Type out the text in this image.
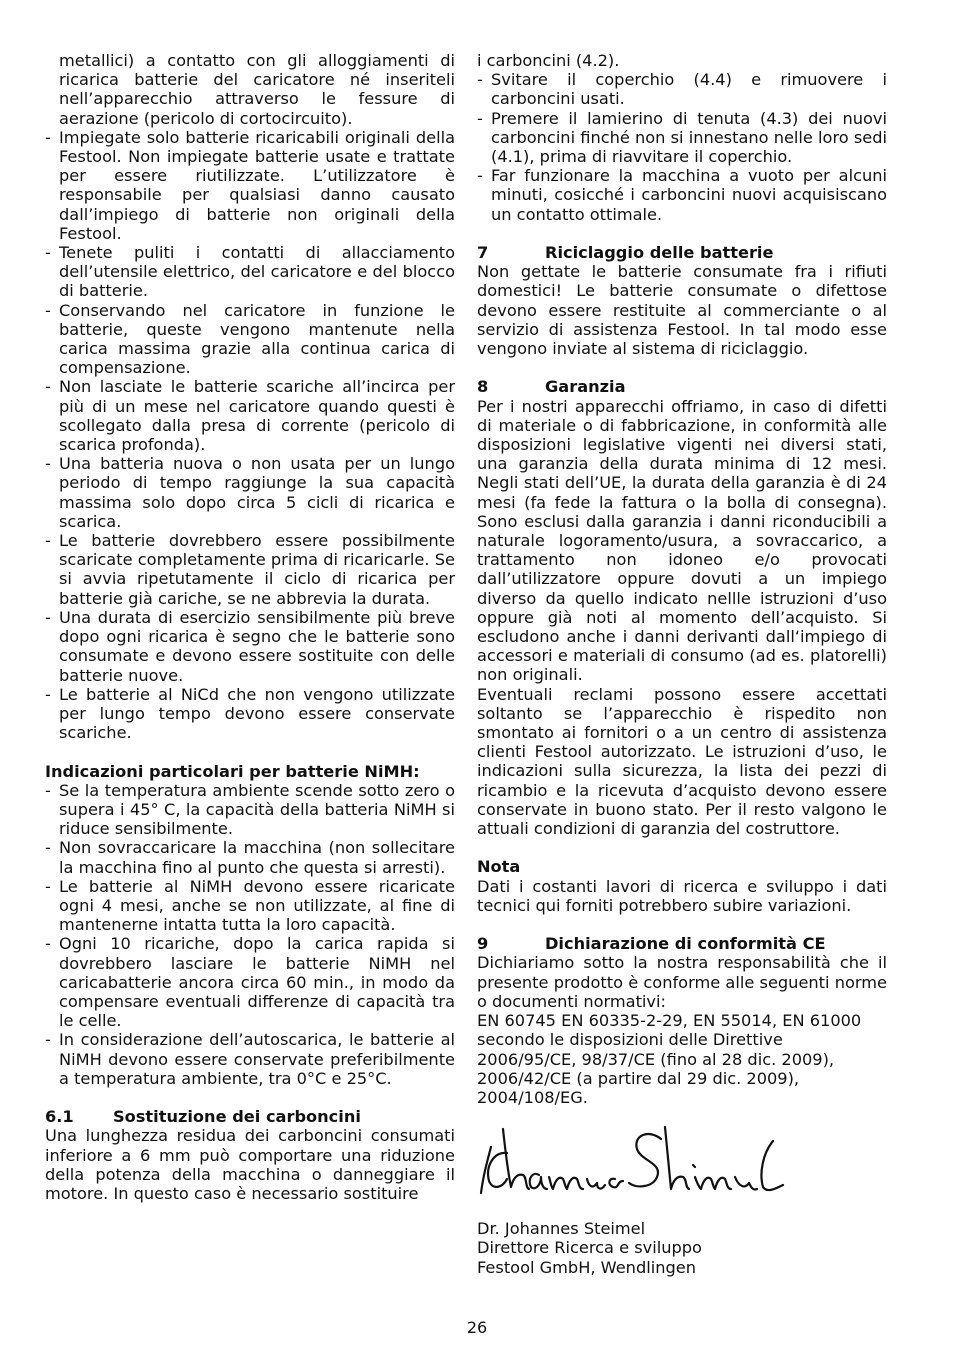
metallici) a contatto con gli alloggiamenti di ricarica batterie del caricatore né inseriteli nell’apparecchio attraverso le fessure di aerazione (pericolo di cortocircuito).
- Impiegate solo batterie ricaricabili originali della Festool. Non impiegate batterie usate e trattate per essere riutilizzate. L’utilizzatore è responsabile per qualsiasi danno causato dall’impiego di batterie non originali della Festool.
- Tenete puliti i contatti di allacciamento dell’utensile elettrico, del caricatore e del blocco di batterie.
- Conservando nel caricatore in funzione le batterie, queste vengono mantenute nella carica massima grazie alla continua carica di compensazione.
- Non lasciate le batterie scariche all’incirca per più di un mese nel caricatore quando questi è scollegato dalla presa di corrente (pericolo di scarica profonda).
- Una batteria nuova o non usata per un lungo periodo di tempo raggiunge la sua capacità massima solo dopo circa 5 cicli di ricarica e scarica.
- Le batterie dovrebbero essere possibilmente scaricate completamente prima di ricaricarle. Se si avvia ripetutamente il ciclo di ricarica per batterie già cariche, se ne abbrevia la durata.
- Una durata di esercizio sensibilmente più breve dopo ogni ricarica è segno che le batterie sono consumate e devono essere sostituite con delle batterie nuove.
- Le batterie al NiCd che non vengono utilizzate per lungo tempo devono essere conservate scariche.
Indicazioni particolari per batterie NiMH:
- Se la temperatura ambiente scende sotto zero o supera i 45° C, la capacità della batteria NiMH si riduce sensibilmente.
- Non sovraccaricare la macchina (non sollecitare la macchina fino al punto che questa si arresti).
- Le batterie al NiMH devono essere ricaricate ogni 4 mesi, anche se non utilizzate, al fine di mantenerne intatta tutta la loro capacità.
- Ogni 10 ricariche, dopo la carica rapida si dovrebbero lasciare le batterie NiMH nel caricabatterie ancora circa 60 min., in modo da compensare eventuali differenze di capacità tra le celle.
- In considerazione dell’autoscarica, le batterie al NiMH devono essere conservate preferibilmente a temperatura ambiente, tra 0°C e 25°C.
6.1 Sostituzione dei carboncini

Una lunghezza residua dei carboncini consumati inferiore a 6 mm può comportare una riduzione della potenza della macchina o danneggiare il motore. In questo caso è necessario sostituire

i carboncini (4.2).

- Svitare il coperchio (4.4) e rimuovere i carboncini usati.
- Premere il lamierino di tenuta (4.3) dei nuovi carboncini finché non si innestano nelle loro sedi (4.1), prima di riavvitare il coperchio.
- Far funzionare la macchina a vuoto per alcuni minuti, cosicché i carboncini nuovi acquisiscano un contatto ottimale.
7	Riciclaggio delle batterie

Non gettate le batterie consumate fra i rifiuti domestici! Le batterie consumate o difettose devono essere restituite al commerciante o al servizio di assistenza Festool. In tal modo esse vengono inviate al sistema di riciclaggio.

8	Garanzia

Per i nostri apparecchi offriamo, in caso di difetti di materiale o di fabbricazione, in conformità alle disposizioni legislative vigenti nei diversi stati, una garanzia della durata minima di 12 mesi. Negli stati dell’UE, la durata della garanzia è di 24 mesi (fa fede la fattura o la bolla di consegna). Sono esclusi dalla garanzia i danni riconducibili a naturale logoramento/usura, a sovraccarico, a trattamento non idoneo e/o provocati dall’utilizzatore oppure dovuti a un impiego diverso da quello indicato nellle istruzioni d’uso oppure già noti al momento dell’acquisto. Si escludono anche i danni derivanti dall‘impiego di accessori e materiali di consumo (ad es. platorelli) non originali.

Eventuali reclami possono essere accettati soltanto se l’apparecchio è rispedito non smontato ai fornitori o a un centro di assistenza clienti Festool autorizzato. Le istruzioni d’uso, le indicazioni sulla sicurezza, la lista dei pezzi di ricambio e la ricevuta d’acquisto devono essere conservate in buono stato. Per il resto valgono le attuali condizioni di garanzia del costruttore.

Nota

Dati i costanti lavori di ricerca e sviluppo i dati tecnici qui forniti potrebbero subire variazioni.

9	Dichiarazione di conformità CE

Dichiariamo sotto la nostra responsabilità che il presente prodotto è conforme alle seguenti norme o documenti normativi:

EN 60745 EN 60335-2-29, EN 55014, EN 61000 secondo le disposizioni delle Direttive 2006/95/CE, 98/37/CE (fino al 28 dic. 2009), 2006/42/CE (a partire dal 29 dic. 2009), 2004/108/EG.

Dr. Johannes Steimel

Direttore Ricerca e sviluppo

Festool GmbH, Wendlingen

26
